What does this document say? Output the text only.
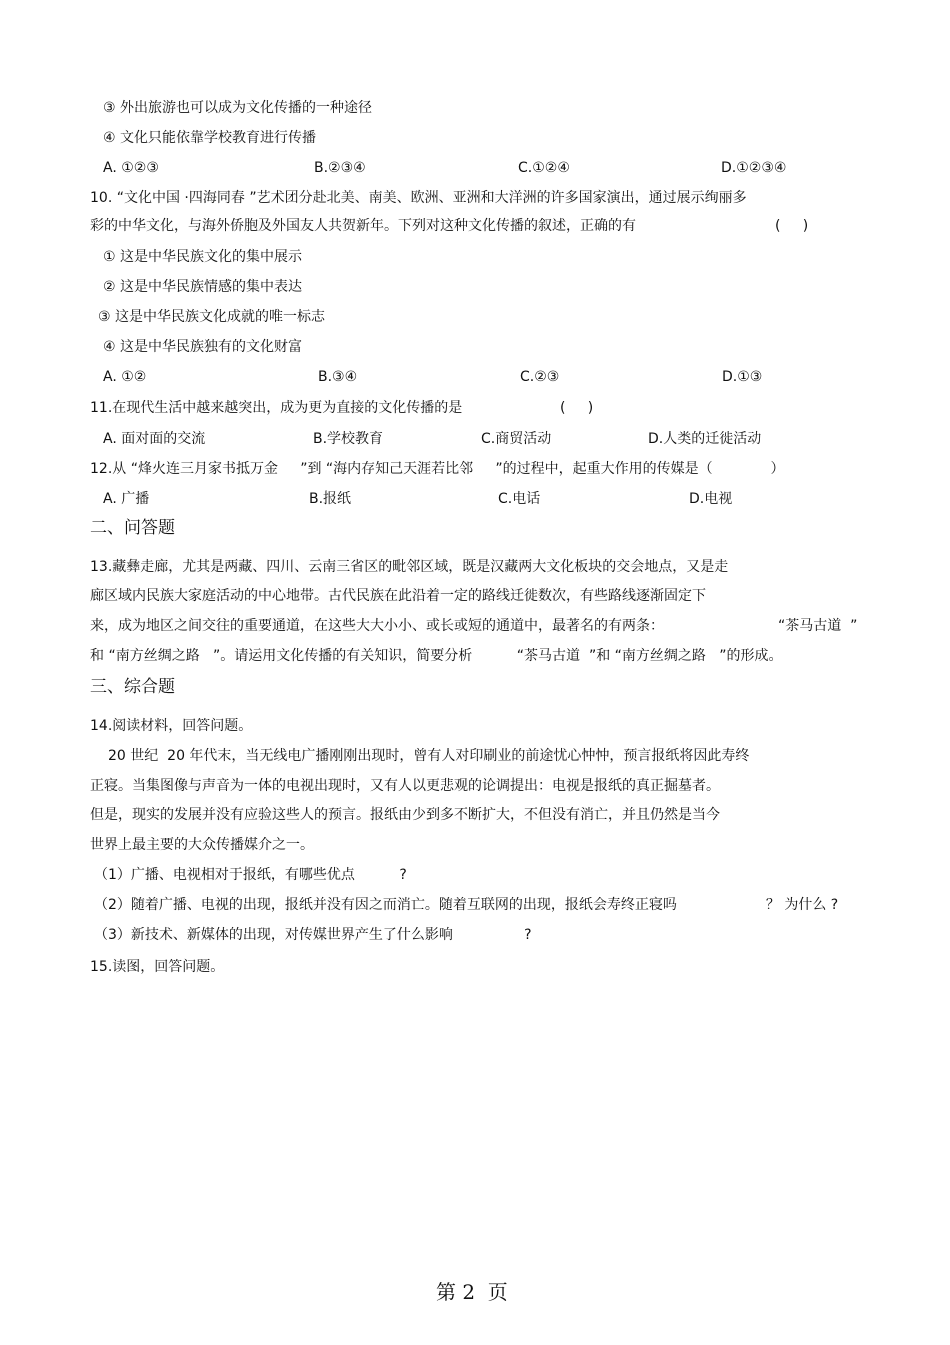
③ 外出旅游也可以成为文化传播的一种途径
④ 文化只能依靠学校教育进行传播
A. ①②③	B.②③④	C.①②④	D.①②③④
10. “文化中国 ·四海同春 ”艺术团分赴北美、南美、欧洲、亚洲和大洋洲的许多国家演出，通过展示绚丽多
彩的中华文化，与海外侨胞及外国友人共贺新年。下列对这种文化传播的叙述，正确的有	(     )
① 这是中华民族文化的集中展示
② 这是中华民族情感的集中表达
③ 这是中华民族文化成就的唯一标志
④ 这是中华民族独有的文化财富
A. ①②	B.③④	C.②③	D.①③
11.在现代生活中越来越突出，成为更为直接的文化传播的是	(     )
A. 面对面的交流	B.学校教育	C.商贸活动	D.人类的迁徙活动
12.从 “烽火连三月家书抵万金     ”到 “海内存知己天涯若比邻     ”的过程中，起重大作用的传媒是（             ）
A. 广播	B.报纸	C.电话	D.电视
二、问答题
13.藏彝走廊，尤其是两藏、四川、云南三省区的毗邻区域，既是汉藏两大文化板块的交会地点，又是走
廊区域内民族大家庭活动的中心地带。古代民族在此沿着一定的路线迁徙数次，有些路线逐渐固定下
来，成为地区之间交往的重要通道，在这些大大小小、或长或短的通道中，最著名的有两条：	“茶马古道  ”
和 “南方丝绸之路   ”。请运用文化传播的有关知识，简要分析          “茶马古道  ”和 “南方丝绸之路   ”的形成。
三、综合题
14.阅读材料，回答问题。
20 世纪  20 年代末，当无线电广播刚刚出现时，曾有人对印刷业的前途忧心忡忡，预言报纸将因此寿终
正寝。当集图像与声音为一体的电视出现时，又有人以更悲观的论调提出：电视是报纸的真正掘墓者。
但是，现实的发展并没有应验这些人的预言。报纸由少到多不断扩大，不但没有消亡，并且仍然是当今
世界上最主要的大众传播媒介之一。
（1）广播、电视相对于报纸，有哪些优点          ?
（2）随着广播、电视的出现，报纸并没有因之而消亡。随着互联网的出现，报纸会寿终正寝吗                    ？ 为什么 ?
（3）新技术、新媒体的出现，对传媒世界产生了什么影响                ?
15.读图，回答问题。
第 2  页
